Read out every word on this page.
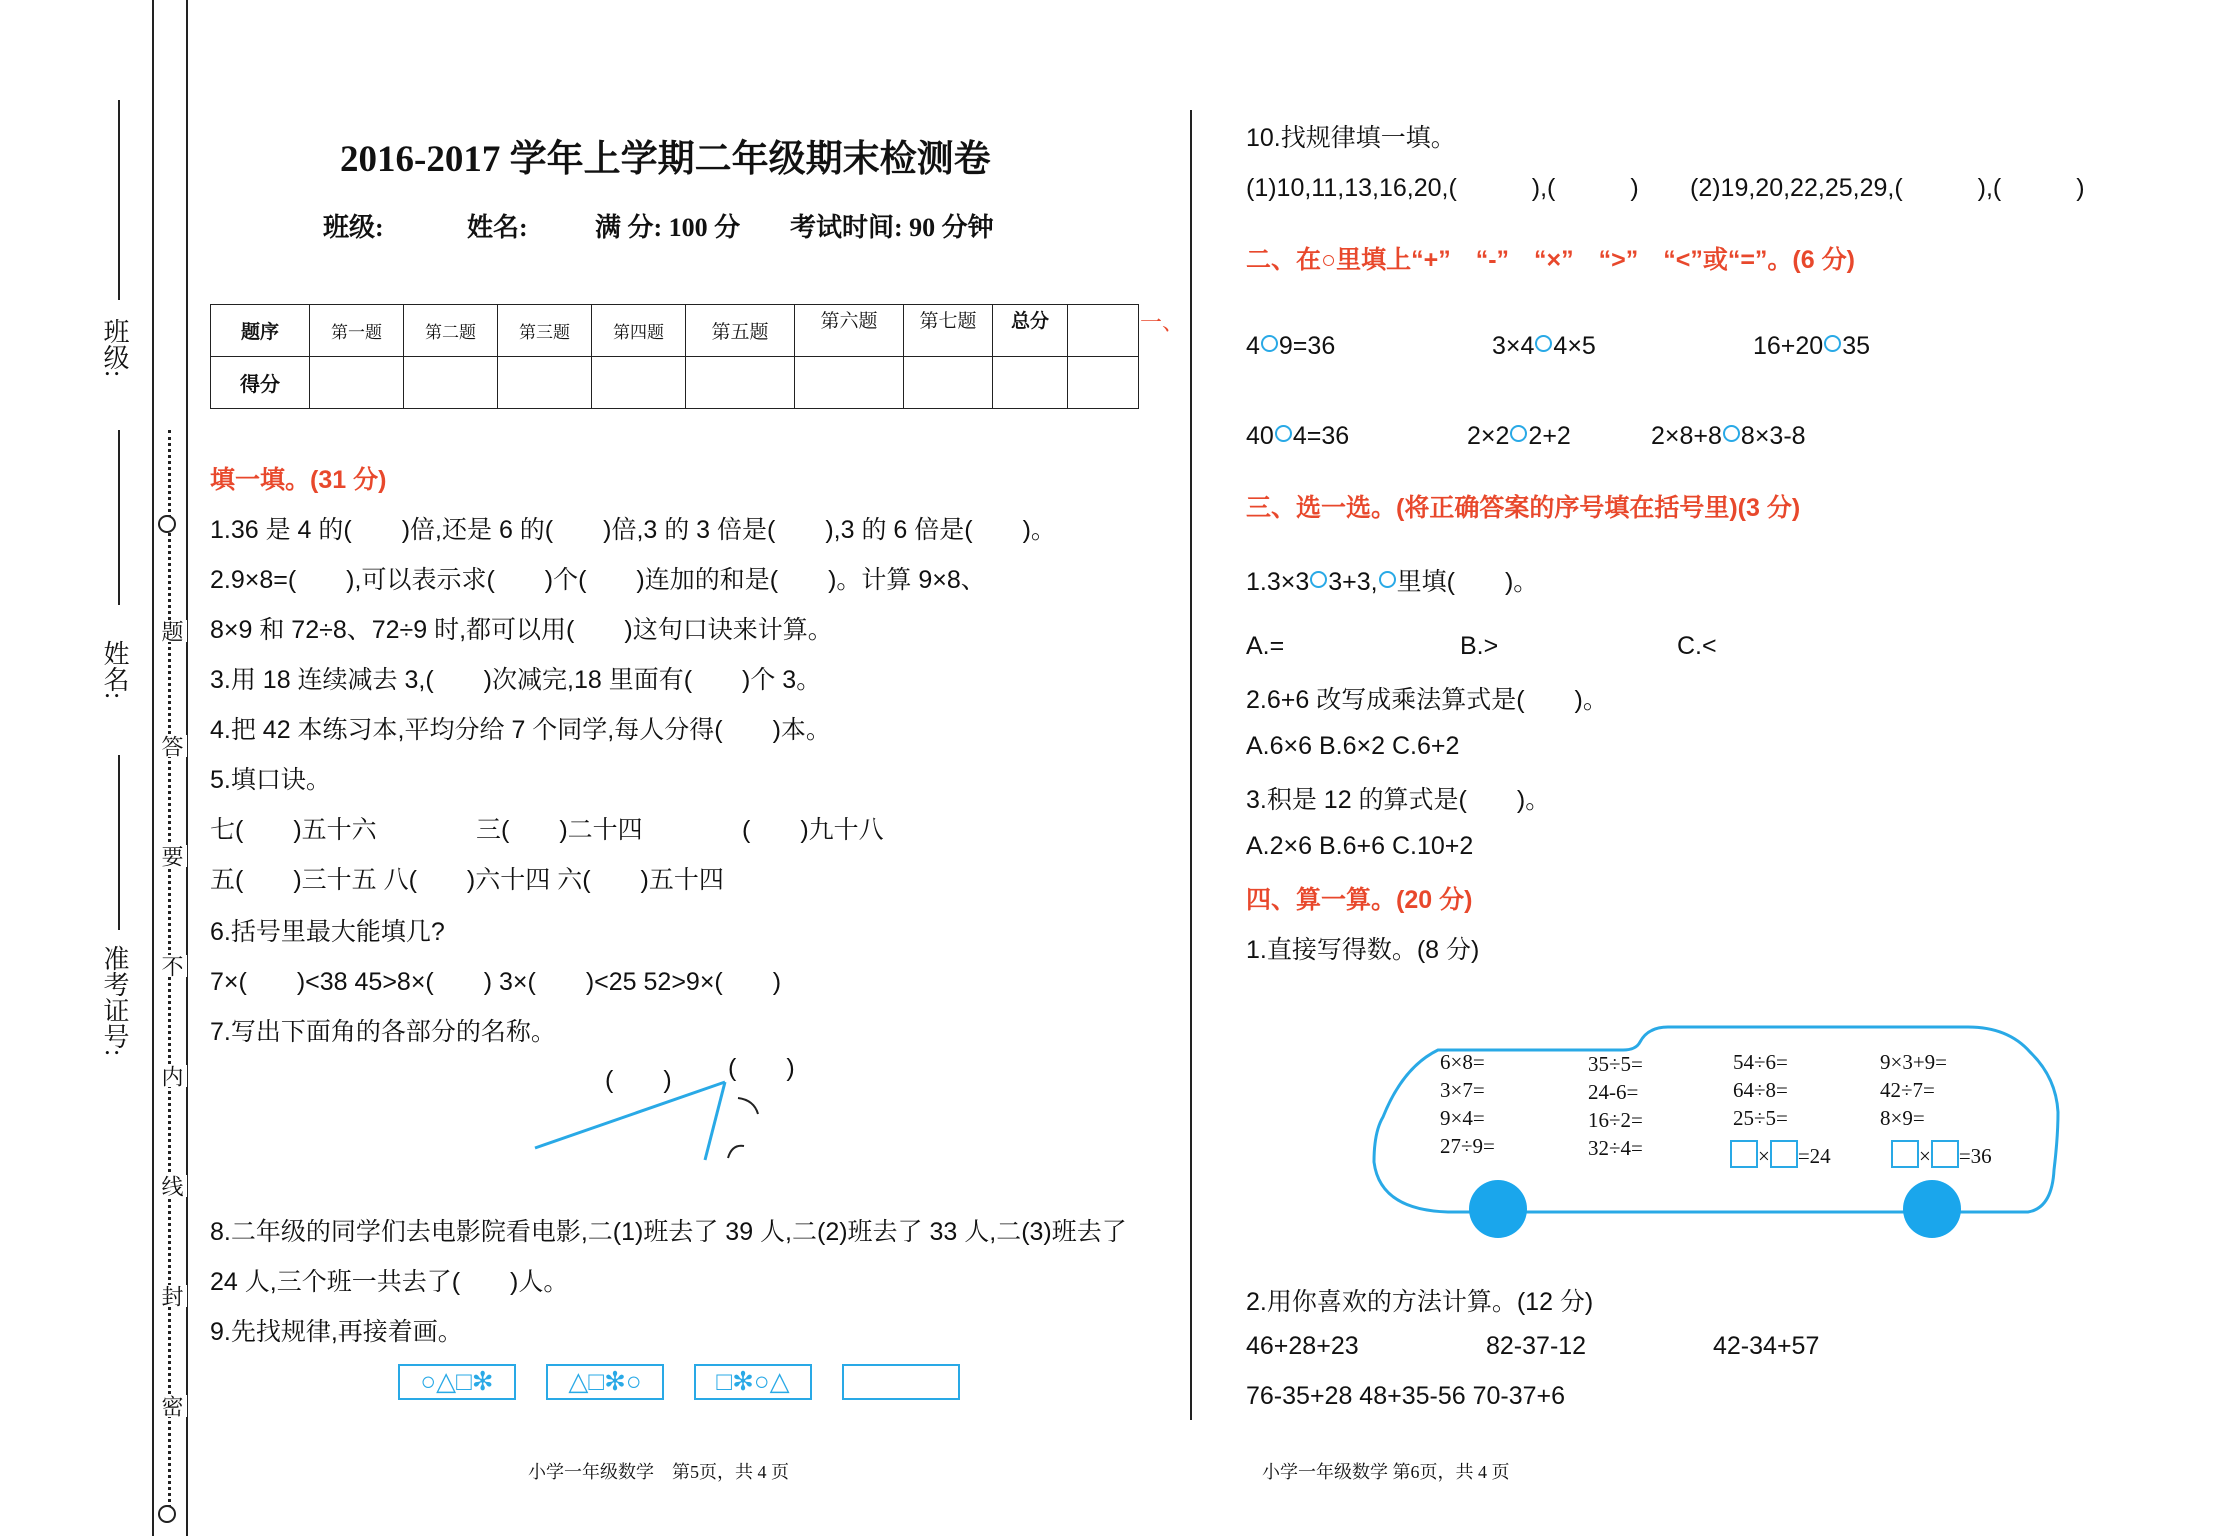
题
答
要
不
内
线
封
密
班级:
姓名:
准考证号:
2016-2017 学年上学期二年级期末检测卷
班级:	姓名:	满 分: 100 分 考试时间: 90 分钟
题序	第一题	第二题	第三题	第四题	第五题	第六题	第七题	总分	
得分									
一、
填一填。(31 分)
1.36 是 4 的(　　)倍,还是 6 的(　　)倍,3 的 3 倍是(　　),3 的 6 倍是(　　)。
2.9×8=(　　),可以表示求(　　)个(　　)连加的和是(　　)。计算 9×8、
8×9 和 72÷8、72÷9 时,都可以用(　　)这句口诀来计算。
3.用 18 连续减去 3,(　　)次减完,18 里面有(　　)个 3。
4.把 42 本练习本,平均分给 7 个同学,每人分得(　　)本。
5.填口诀。
七(　　)五十六	三(　　)二十四	(　　)九十八
五(　　)三十五 八(　　)六十四 六(　　)五十四
6.括号里最大能填几?
7×(　　)<38 45>8×(　　) 3×(　　)<25 52>9×(　　)
7.写出下面角的各部分的名称。
(　　) (　　)
8.二年级的同学们去电影院看电影,二(1)班去了 39 人,二(2)班去了 33 人,二(3)班去了
24 人,三个班一共去了(　　)人。
9.先找规律,再接着画。
○△□✻	△□✻○	□✻○△
小学一年级数学　第5页，共 4 页	小学一年级数学 第6页，共 4 页
10.找规律填一填。
(1)10,11,13,16,20,(　　　),(　　　) (2)19,20,22,25,29,(　　　),(　　　)
二、在○里填上“+”　“-”　“×”　“>”　“<”或“=”。(6 分)
4 9=36	3×4 4×5	16+20 35
40 4=36	2×2 2+2	2×8+8 8×3-8
三、选一选。(将正确答案的序号填在括号里)(3 分)
1.3×3 3+3, 里填(　　)。
A.=	B.>	C.<
2.6+6 改写成乘法算式是(　　)。
A.6×6 B.6×2 C.6+2
3.积是 12 的算式是(　　)。
A.2×6 B.6+6 C.10+2
四、算一算。(20 分)
1.直接写得数。(8 分)
6×8=
3×7=
9×4=
27÷9=
35÷5=
24-6=
16÷2=
32÷4=
54÷6=
64÷8=
25÷5=
9×3+9=
42÷7=
8×9=
× =24	× =36
2.用你喜欢的方法计算。(12 分)
46+28+23	82-37-12	42-34+57
76-35+28 48+35-56 70-37+6
